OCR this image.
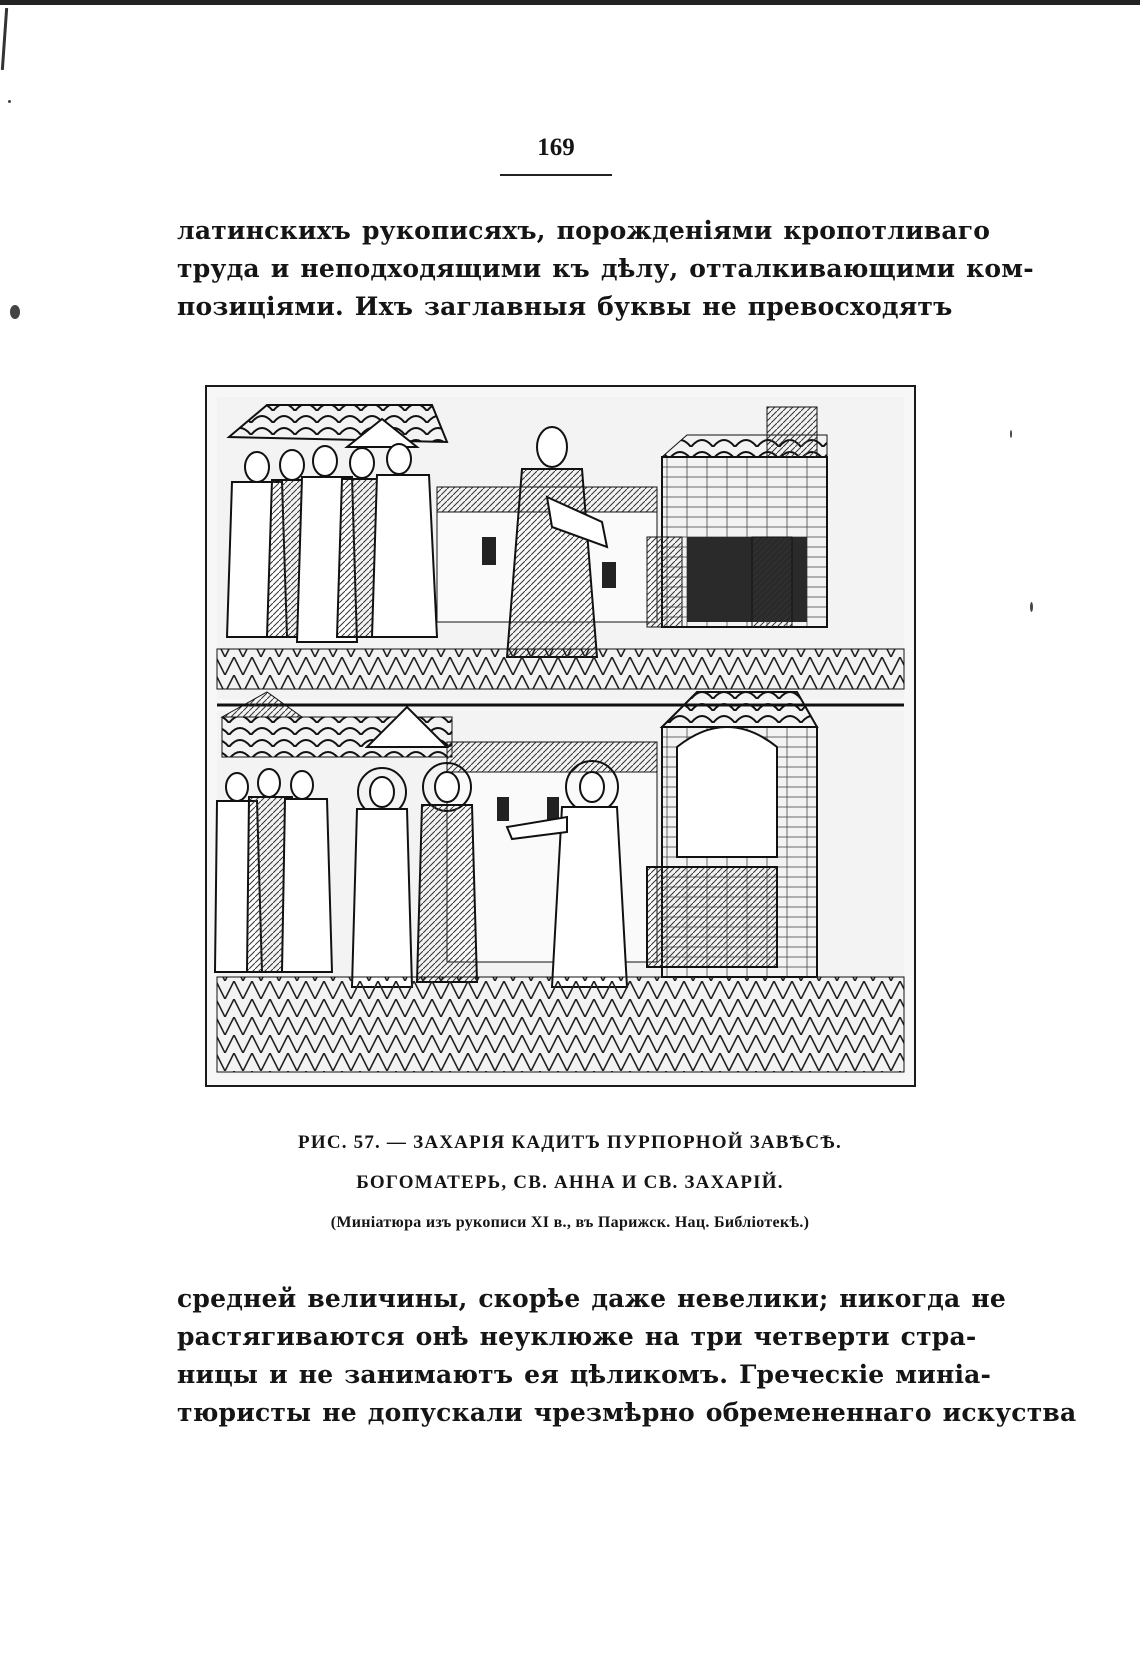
169
латинскихъ рукописяхъ, порожденіями кропотливаго
труда и неподходящими къ дѣлу, отталкивающими ком-
позиціями. Ихъ заглавныя буквы не превосходятъ
РИС. 57. — ЗАХАРІЯ КАДИТЪ ПУРПОРНОЙ ЗАВѢСѢ.
БОГОМАТЕРЬ, СВ. АННА И СВ. ЗАХАРІЙ.
(Миніатюра изъ рукописи XI в., въ Парижск. Нац. Библіотекѣ.)
средней величины, скорѣе даже невелики; никогда не
растягиваются онѣ неуклюже на три четверти стра-
ницы и не занимаютъ ея цѣликомъ. Греческіе миніа-
тюристы не допускали чрезмѣрно обремененнаго искуства
